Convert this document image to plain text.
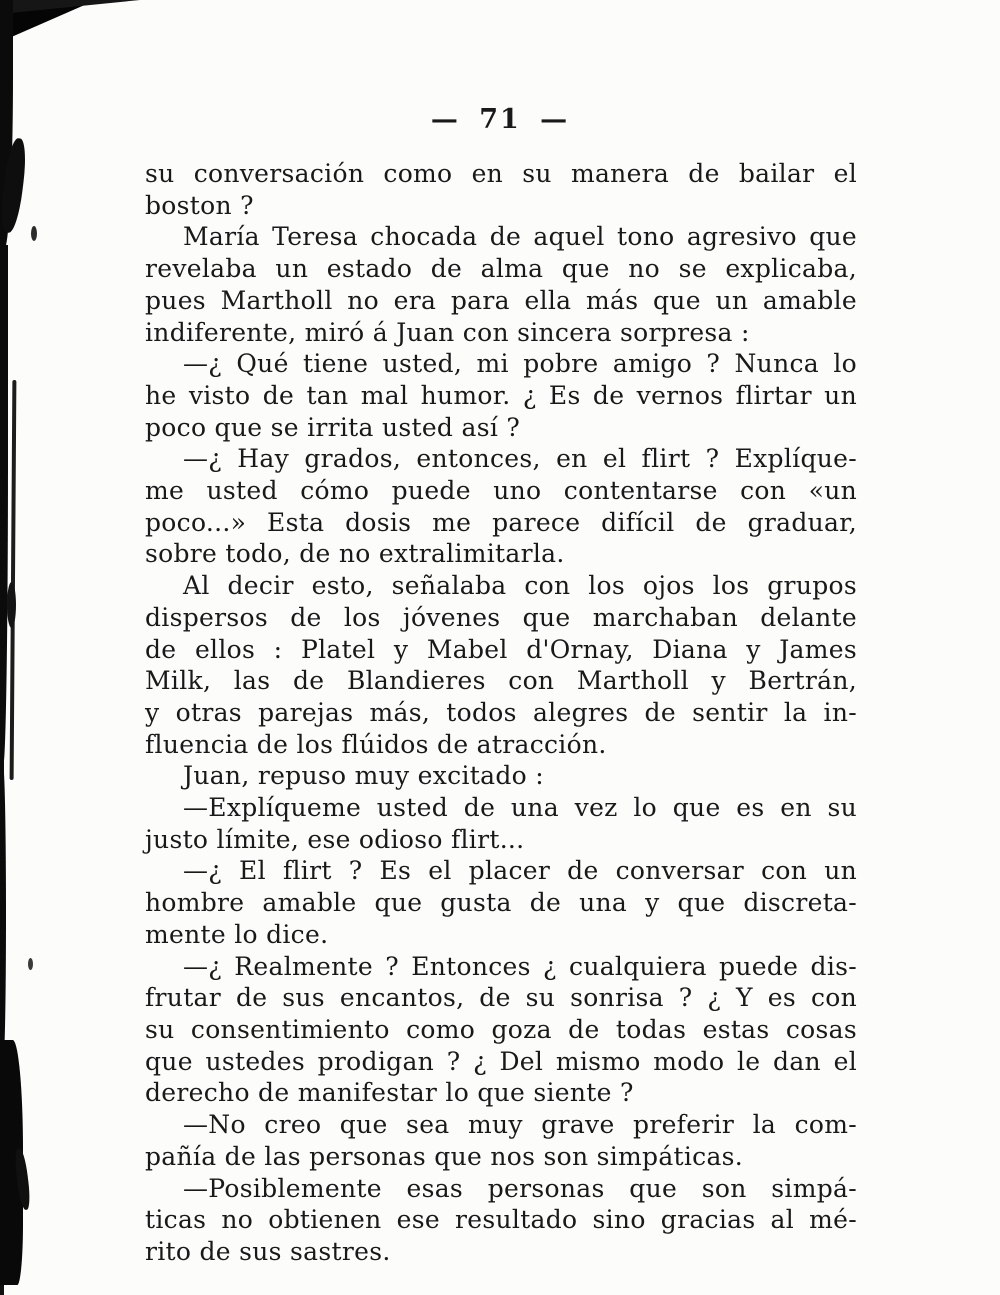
— 71 —
su conversación como en su manera de bailar el
boston ?
María Teresa chocada de aquel tono agresivo que
revelaba un estado de alma que no se explicaba,
pues Martholl no era para ella más que un amable
indiferente, miró á Juan con sincera sorpresa :
—¿ Qué tiene usted, mi pobre amigo ? Nunca lo
he visto de tan mal humor. ¿ Es de vernos flirtar un
poco que se irrita usted así ?
—¿ Hay grados, entonces, en el flirt ? Explíque-
me usted cómo puede uno contentarse con «un
poco...» Esta dosis me parece difícil de graduar,
sobre todo, de no extralimitarla.
Al decir esto, señalaba con los ojos los grupos
dispersos de los jóvenes que marchaban delante
de ellos : Platel y Mabel d'Ornay, Diana y James
Milk, las de Blandieres con Martholl y Bertrán,
y otras parejas más, todos alegres de sentir la in-
fluencia de los flúidos de atracción.
Juan, repuso muy excitado :
—Explíqueme usted de una vez lo que es en su
justo límite, ese odioso flirt...
—¿ El flirt ? Es el placer de conversar con un
hombre amable que gusta de una y que discreta-
mente lo dice.
—¿ Realmente ? Entonces ¿ cualquiera puede dis-
frutar de sus encantos, de su sonrisa ? ¿ Y es con
su consentimiento como goza de todas estas cosas
que ustedes prodigan ? ¿ Del mismo modo le dan el
derecho de manifestar lo que siente ?
—No creo que sea muy grave preferir la com-
pañía de las personas que nos son simpáticas.
—Posiblemente esas personas que son simpá-
ticas no obtienen ese resultado sino gracias al mé-
rito de sus sastres.
